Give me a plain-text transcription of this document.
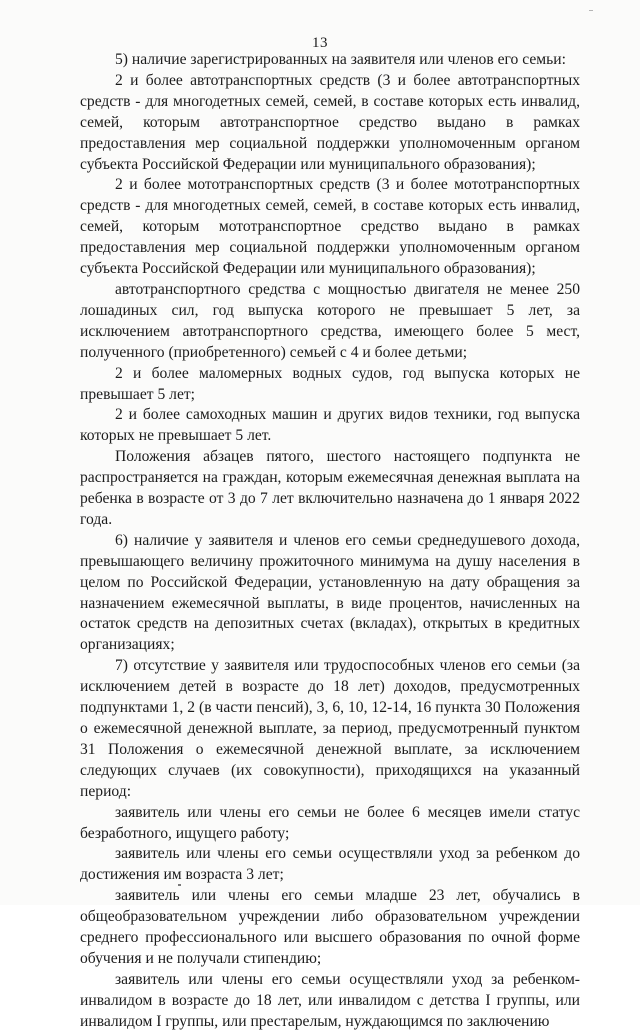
13

5) наличие зарегистрированных на заявителя или членов его семьи:

2 и более автотранспортных средств (3 и более автотранспортных средств - для многодетных семей, семей, в составе которых есть инвалид, семей, которым автотранспортное средство выдано в рамках предоставления мер социальной поддержки уполномоченным органом субъекта Российской Федерации или муниципального образования);

2 и более мототранспортных средств (3 и более мототранспортных средств - для многодетных семей, семей, в составе которых есть инвалид, семей, которым мототранспортное средство выдано в рамках предоставления мер социальной поддержки уполномоченным органом субъекта Российской Федерации или муниципального образования);

автотранспортного средства с мощностью двигателя не менее 250 лошадиных сил, год выпуска которого не превышает 5 лет, за исключением автотранспортного средства, имеющего более 5 мест, полученного (приобретенного) семьей с 4 и более детьми;

2 и более маломерных водных судов, год выпуска которых не превышает 5 лет;

2 и более самоходных машин и других видов техники, год выпуска которых не превышает 5 лет.

Положения абзацев пятого, шестого настоящего подпункта не распространяется на граждан, которым ежемесячная денежная выплата на ребенка в возрасте от 3 до 7 лет включительно назначена до 1 января 2022 года.

6) наличие у заявителя и членов его семьи среднедушевого дохода, превышающего величину прожиточного минимума на душу населения в целом по Российской Федерации, установленную на дату обращения за назначением ежемесячной выплаты, в виде процентов, начисленных на остаток средств на депозитных счетах (вкладах), открытых в кредитных организациях;

7) отсутствие у заявителя или трудоспособных членов его семьи (за исключением детей в возрасте до 18 лет) доходов, предусмотренных подпунктами 1, 2 (в части пенсий), 3, 6, 10, 12-14, 16 пункта 30 Положения о ежемесячной денежной выплате, за период, предусмотренный пунктом 31 Положения о ежемесячной денежной выплате, за исключением следующих случаев (их совокупности), приходящихся на указанный период:

заявитель или члены его семьи не более 6 месяцев имели статус безработного, ищущего работу;

заявитель или члены его семьи осуществляли уход за ребенком до достижения им возраста 3 лет;

заявитель или члены его семьи младше 23 лет, обучались в общеобразовательном учреждении либо образовательном учреждении среднего профессионального или высшего образования по очной форме обучения и не получали стипендию;

заявитель или члены его семьи осуществляли уход за ребенком-инвалидом в возрасте до 18 лет, или инвалидом с детства I группы, или инвалидом I группы, или престарелым, нуждающимся по заключению
